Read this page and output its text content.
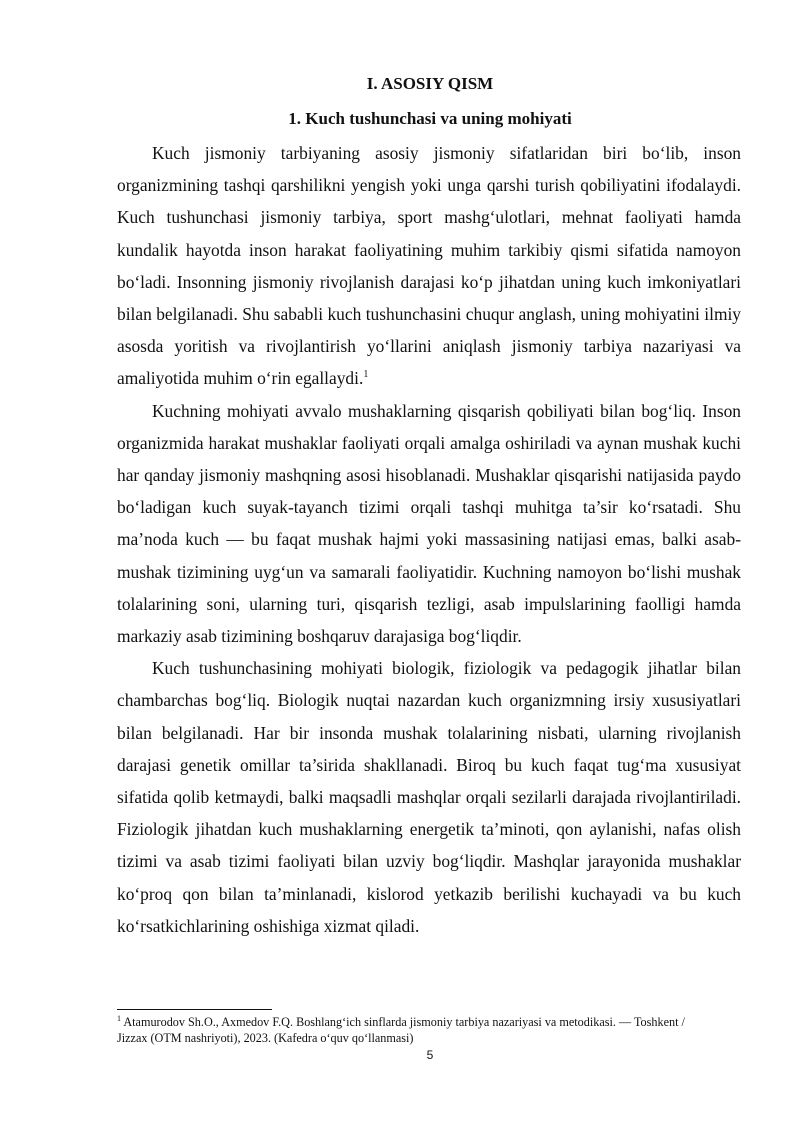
I. ASOSIY QISM
1. Kuch tushunchasi va uning mohiyati

Kuch jismoniy tarbiyaning asosiy jismoniy sifatlaridan biri bo‘lib, inson organizmining tashqi qarshilikni yengish yoki unga qarshi turish qobiliyatini ifodalaydi. Kuch tushunchasi jismoniy tarbiya, sport mashg‘ulotlari, mehnat faoliyati hamda kundalik hayotda inson harakat faoliyatining muhim tarkibiy qismi sifatida namoyon bo‘ladi. Insonning jismoniy rivojlanish darajasi ko‘p jihatdan uning kuch imkoniyatlari bilan belgilanadi. Shu sababli kuch tushunchasini chuqur anglash, uning mohiyatini ilmiy asosda yoritish va rivojlantirish yo‘llarini aniqlash jismoniy tarbiya nazariyasi va amaliyotida muhim o‘rin egallaydi.$^1$

Kuchning mohiyati avvalo mushaklarning qisqarish qobiliyati bilan bog‘liq. Inson organizmida harakat mushaklar faoliyati orqali amalga oshiriladi va aynan mushak kuchi har qanday jismoniy mashqning asosi hisoblanadi. Mushaklar qisqarishi natijasida paydo bo‘ladigan kuch suyak-tayanch tizimi orqali tashqi muhitga ta’sir ko‘rsatadi. Shu ma’noda kuch — bu faqat mushak hajmi yoki massasining natijasi emas, balki asab-mushak tizimining uyg‘un va samarali faoliyatidir. Kuchning namoyon bo‘lishi mushak tolalarining soni, ularning turi, qisqarish tezligi, asab impulslarining faolligi hamda markaziy asab tizimining boshqaruv darajasiga bog‘liqdir.

Kuch tushunchasining mohiyati biologik, fiziologik va pedagogik jihatlar bilan chambarchas bog‘liq. Biologik nuqtai nazardan kuch organizmning irsiy xususiyatlari bilan belgilanadi. Har bir insonda mushak tolalarining nisbati, ularning rivojlanish darajasi genetik omillar ta’sirida shakllanadi. Biroq bu kuch faqat tug‘ma xususiyat sifatida qolib ketmaydi, balki maqsadli mashqlar orqali sezilarli darajada rivojlantiriladi. Fiziologik jihatdan kuch mushaklarning energetik ta’minoti, qon aylanishi, nafas olish tizimi va asab tizimi faoliyati bilan uzviy bog‘liqdir. Mashqlar jarayonida mushaklar ko‘proq qon bilan ta’minlanadi, kislorod yetkazib berilishi kuchayadi va bu kuch ko‘rsatkichlarining oshishiga xizmat qiladi.

$^1$ Atamurodov Sh.O., Axmedov F.Q. Boshlang‘ich sinflarda jismoniy tarbiya nazariyasi va metodikasi. — Toshkent / Jizzax (OTM nashriyoti), 2023. (Kafedra o‘quv qo‘llanmasi)

5
